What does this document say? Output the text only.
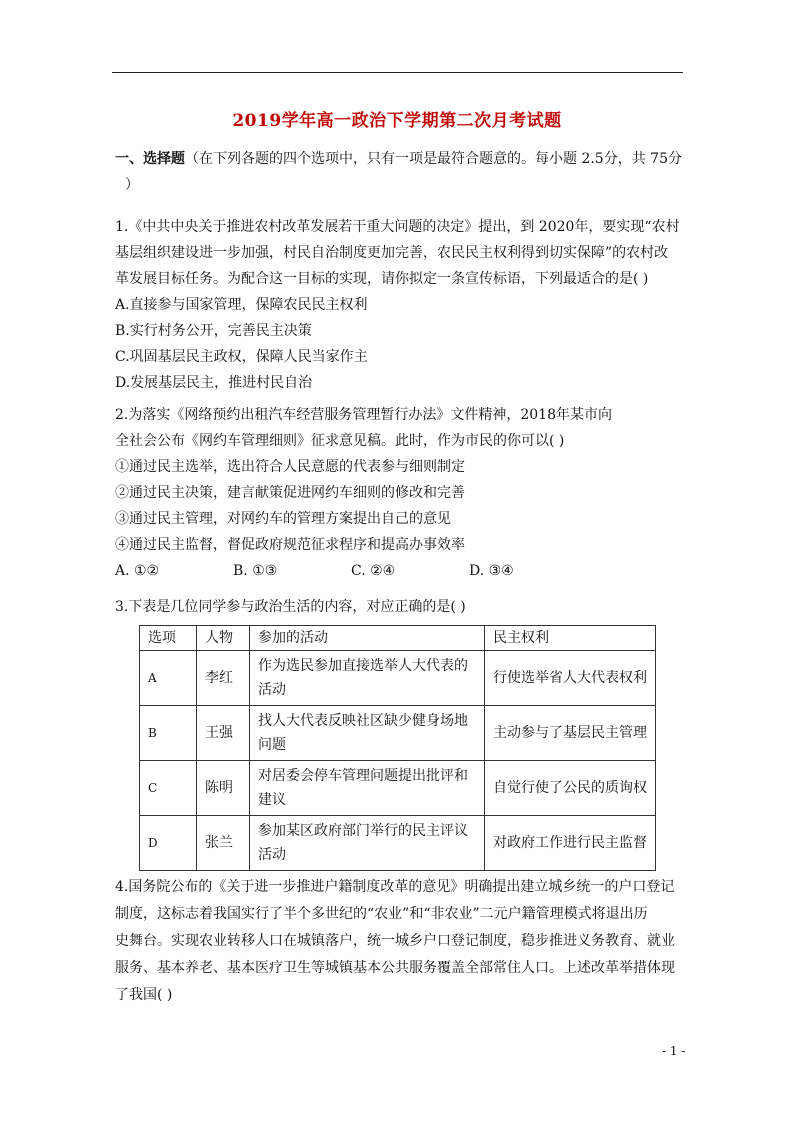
2019学年高一政治下学期第二次月考试题
一、选择题（在下列各题的四个选项中，只有一项是最符合题意的。每小题 2.5分，共 75分
）
1.《中共中央关于推进农村改革发展若干重大问题的决定》提出，到 2020年，要实现“农村
基层组织建设进一步加强，村民自治制度更加完善，农民民主权利得到切实保障”的农村改
革发展目标任务。为配合这一目标的实现，请你拟定一条宣传标语，下列最适合的是( )
A.直接参与国家管理，保障农民民主权利
B.实行村务公开，完善民主决策
C.巩固基层民主政权，保障人民当家作主
D.发展基层民主，推进村民自治
2.为落实《网络预约出租汽车经营服务管理暂行办法》文件精神，2018年某市向
全社会公布《网约车管理细则》征求意见稿。此时，作为市民的你可以( )
①通过民主选举，选出符合人民意愿的代表参与细则制定
②通过民主决策，建言献策促进网约车细则的修改和完善
③通过民主管理，对网约车的管理方案提出自己的意见
④通过民主监督，督促政府规范征求程序和提高办事效率
A. ①②	B. ①③	C. ②④	D. ③④
3.下表是几位同学参与政治生活的内容，对应正确的是( )
选项	人物	参加的活动	民主权利
A	李红	作为选民参加直接选举人大代表的活动	行使选举省人大代表权利
B	王强	找人大代表反映社区缺少健身场地问题	主动参与了基层民主管理
C	陈明	对居委会停车管理问题提出批评和建议	自觉行使了公民的质询权
D	张兰	参加某区政府部门举行的民主评议活动	对政府工作进行民主监督
4.国务院公布的《关于进一步推进户籍制度改革的意见》明确提出建立城乡统一的户口登记
制度，这标志着我国实行了半个多世纪的“农业”和“非农业”二元户籍管理模式将退出历
史舞台。实现农业转移人口在城镇落户，统一城乡户口登记制度，稳步推进义务教育、就业
服务、基本养老、基本医疗卫生等城镇基本公共服务覆盖全部常住人口。上述改革举措体现
了我国( )
- 1 -
